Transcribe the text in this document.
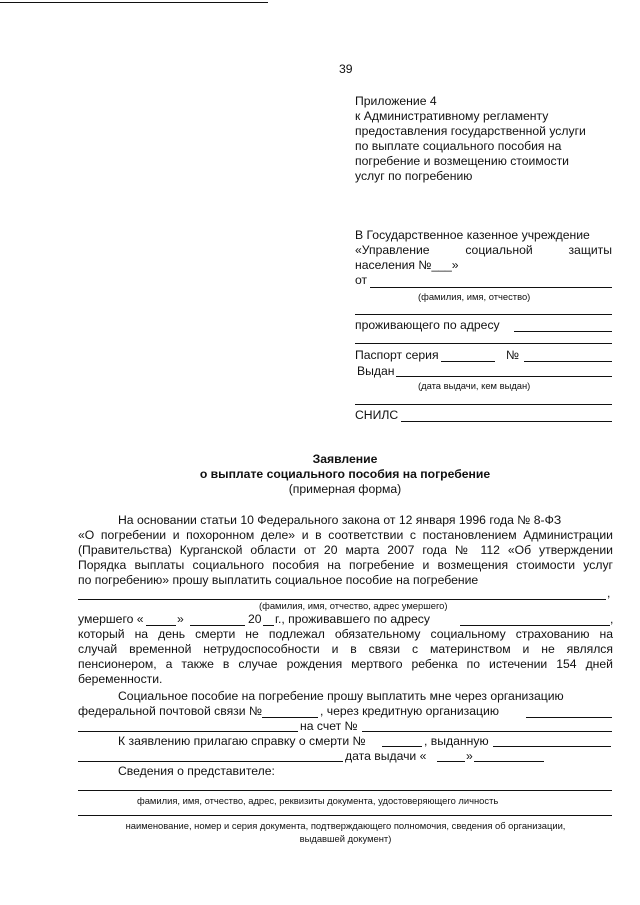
39
Приложение 4
к Административному регламенту
предоставления государственной услуги
по выплате социального пособия на
погребение и возмещению стоимости
услуг по погребению
В Государственное казенное учреждение
«Управление	социальной	защиты
населения №___»
от
(фамилия, имя, отчество)
проживающего по адресу
Паспорт серия	№
Выдан
(дата выдачи, кем выдан)
СНИЛС
Заявление
о выплате социального пособия на погребение
(примерная форма)
На основании статьи 10 Федерального закона от 12 января 1996 года № 8-ФЗ
«О погребении и похоронном деле» и в соответствии с постановлением Администрации
(Правительства) Курганской области от 20 марта 2007 года № 112 «Об утверждении
Порядка выплаты социального пособия на погребение и возмещения стоимости услуг
по погребению» прошу выплатить социальное пособие на погребение
,
(фамилия, имя, отчество, адрес умершего)
умершего «	»	20 г., проживавшего по адресу	,
который на день смерти не подлежал обязательному социальному страхованию на
случай временной нетрудоспособности и в связи с материнством и не являлся
пенсионером, а также в случае рождения мертвого ребенка по истечении 154 дней
беременности.
Социальное пособие на погребение прошу выплатить мне через организацию
федеральной почтовой связи №	, через кредитную организацию
на счет №
К заявлению прилагаю справку о смерти №	, выданную
дата выдачи «	»
Сведения о представителе:
фамилия, имя, отчество, адрес, реквизиты документа, удостоверяющего личность
наименование, номер и серия документа, подтверждающего полномочия, сведения об организации,
выдавшей документ)
